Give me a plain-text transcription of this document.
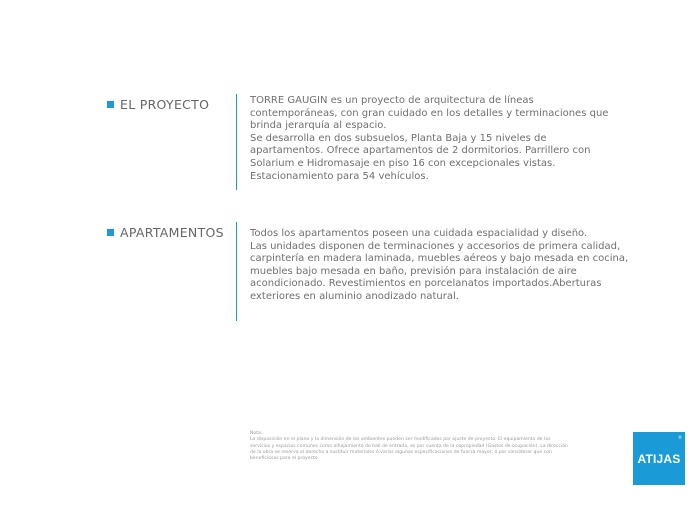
EL PROYECTO	TORRE GAUGIN es un proyecto de arquitectura de líneas

contemporáneas, con gran cuidado en los detalles y terminaciones que

brinda jerarquía al espacio.

Se desarrolla en dos subsuelos, Planta Baja y 15 niveles de

apartamentos. Ofrece apartamentos de 2 dormitorios. Parrillero con

Solarium e Hidromasaje en piso 16 con excepcionales vistas.

Estacionamiento para 54 vehículos.

APARTAMENTOS	Todos los apartamentos poseen una cuidada espacialidad y diseño.

Las unidades disponen de terminaciones y accesorios de primera calidad,

carpintería en madera laminada, muebles aéreos y bajo mesada en cocina,

muebles bajo mesada en baño, previsión para instalación de aire

acondicionado. Revestimientos en porcelanatos importados.Aberturas

exteriores en aluminio anodizado natural.

Nota:

La disposición en el plano y la dimensión de los ambientes pueden ser modificados por ajuste de proyecto. El equipamiento de los

servicios y espacios comunes como alhajamiento de hall de entrada, es por cuenta de la copropiedad (Gastos de ocupación). La dirección

de la obra se reserva el derecho a sustituir materiales ó variar algunas especificaciones de fuerza mayor, ó por considerar que son

beneficiosas para el proyecto.	ATIJAS
®
